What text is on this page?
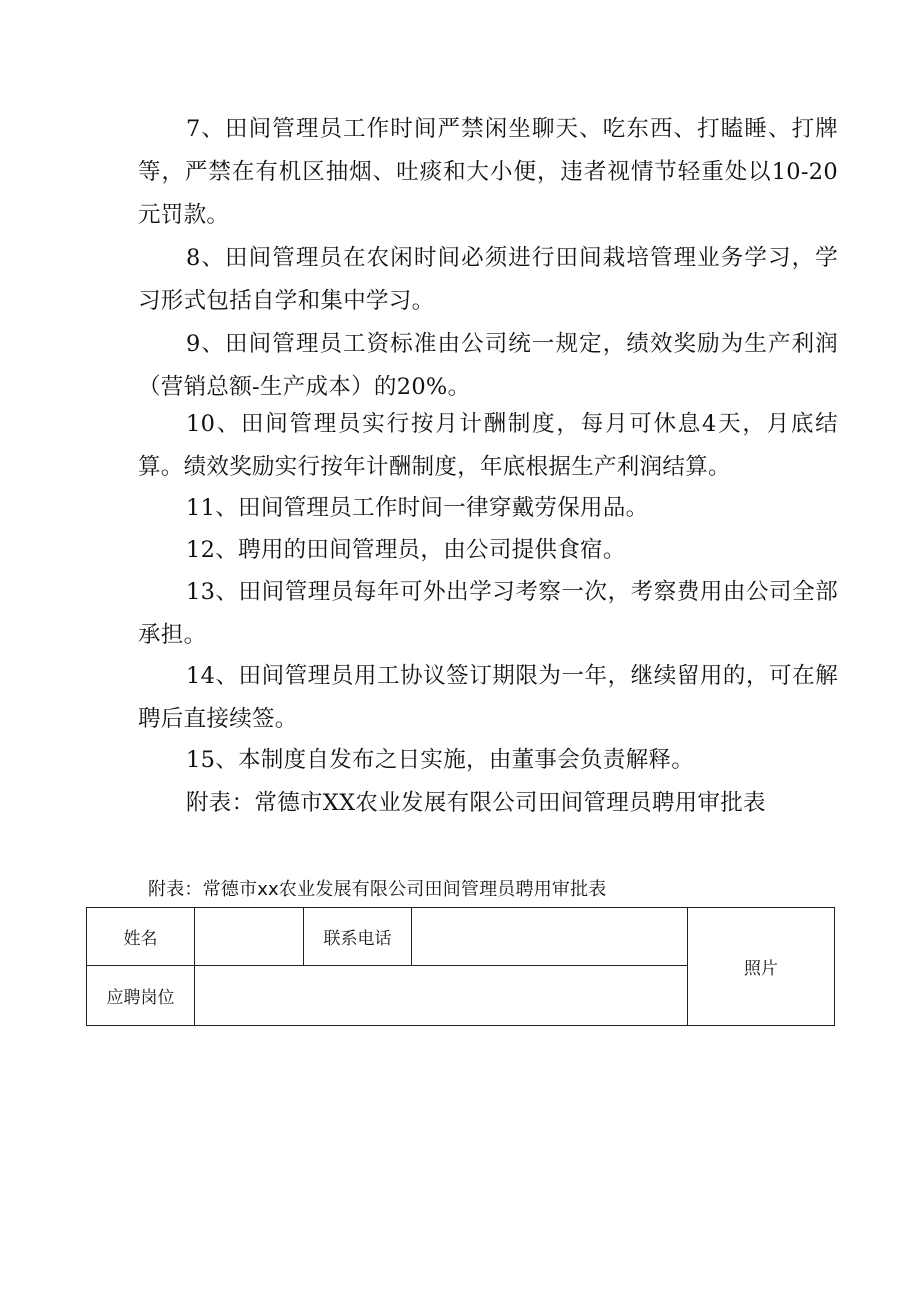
7、田间管理员工作时间严禁闲坐聊天、吃东西、打瞌睡、打牌等，严禁在有机区抽烟、吐痰和大小便，违者视情节轻重处以10-20元罚款。

8、田间管理员在农闲时间必须进行田间栽培管理业务学习，学习形式包括自学和集中学习。

9、田间管理员工资标准由公司统一规定，绩效奖励为生产利润（营销总额-生产成本）的20%。

10、田间管理员实行按月计酬制度，每月可休息4天，月底结算。绩效奖励实行按年计酬制度，年底根据生产利润结算。

11、田间管理员工作时间一律穿戴劳保用品。

12、聘用的田间管理员，由公司提供食宿。

13、田间管理员每年可外出学习考察一次，考察费用由公司全部承担。

14、田间管理员用工协议签订期限为一年，继续留用的，可在解聘后直接续签。

15、本制度自发布之日实施，由董事会负责解释。

附表：常德市XX农业发展有限公司田间管理员聘用审批表

附表：常德市xx农业发展有限公司田间管理员聘用审批表

姓名		联系电话		照片
应聘岗位				
